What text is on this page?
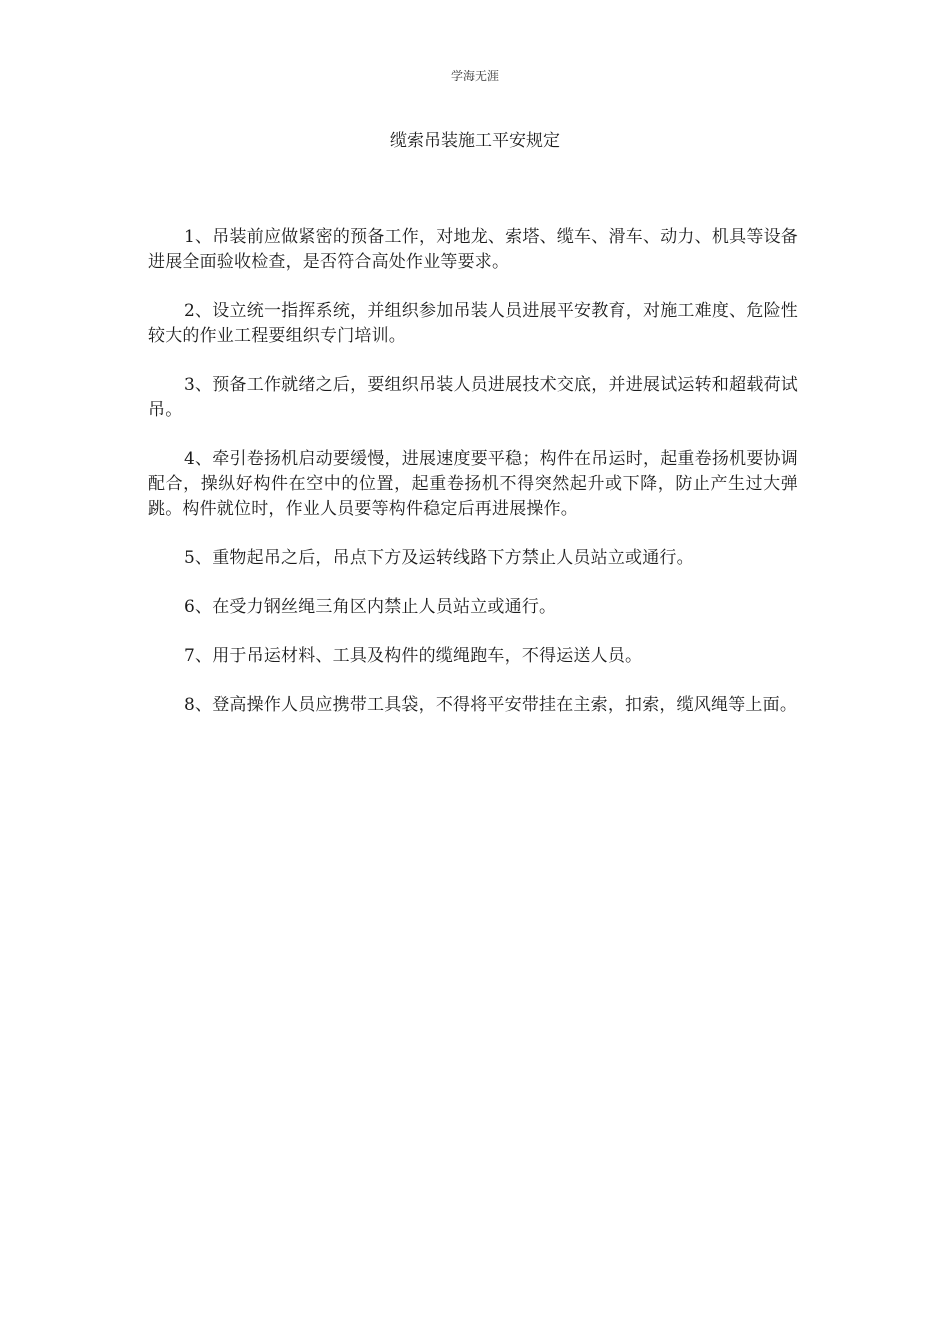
学海无涯
缆索吊装施工平安规定

1、吊装前应做紧密的预备工作，对地龙、索塔、缆车、滑车、动力、机具等设备进展全面验收检查，是否符合高处作业等要求。

2、设立统一指挥系统，并组织参加吊装人员进展平安教育，对施工难度、危险性较大的作业工程要组织专门培训。

3、预备工作就绪之后，要组织吊装人员进展技术交底，并进展试运转和超载荷试吊。

4、牵引卷扬机启动要缓慢，进展速度要平稳；构件在吊运时，起重卷扬机要协调配合，操纵好构件在空中的位置，起重卷扬机不得突然起升或下降，防止产生过大弹跳。构件就位时，作业人员要等构件稳定后再进展操作。

5、重物起吊之后，吊点下方及运转线路下方禁止人员站立或通行。

6、在受力钢丝绳三角区内禁止人员站立或通行。

7、用于吊运材料、工具及构件的缆绳跑车，不得运送人员。

8、登高操作人员应携带工具袋，不得将平安带挂在主索，扣索，缆风绳等上面。
